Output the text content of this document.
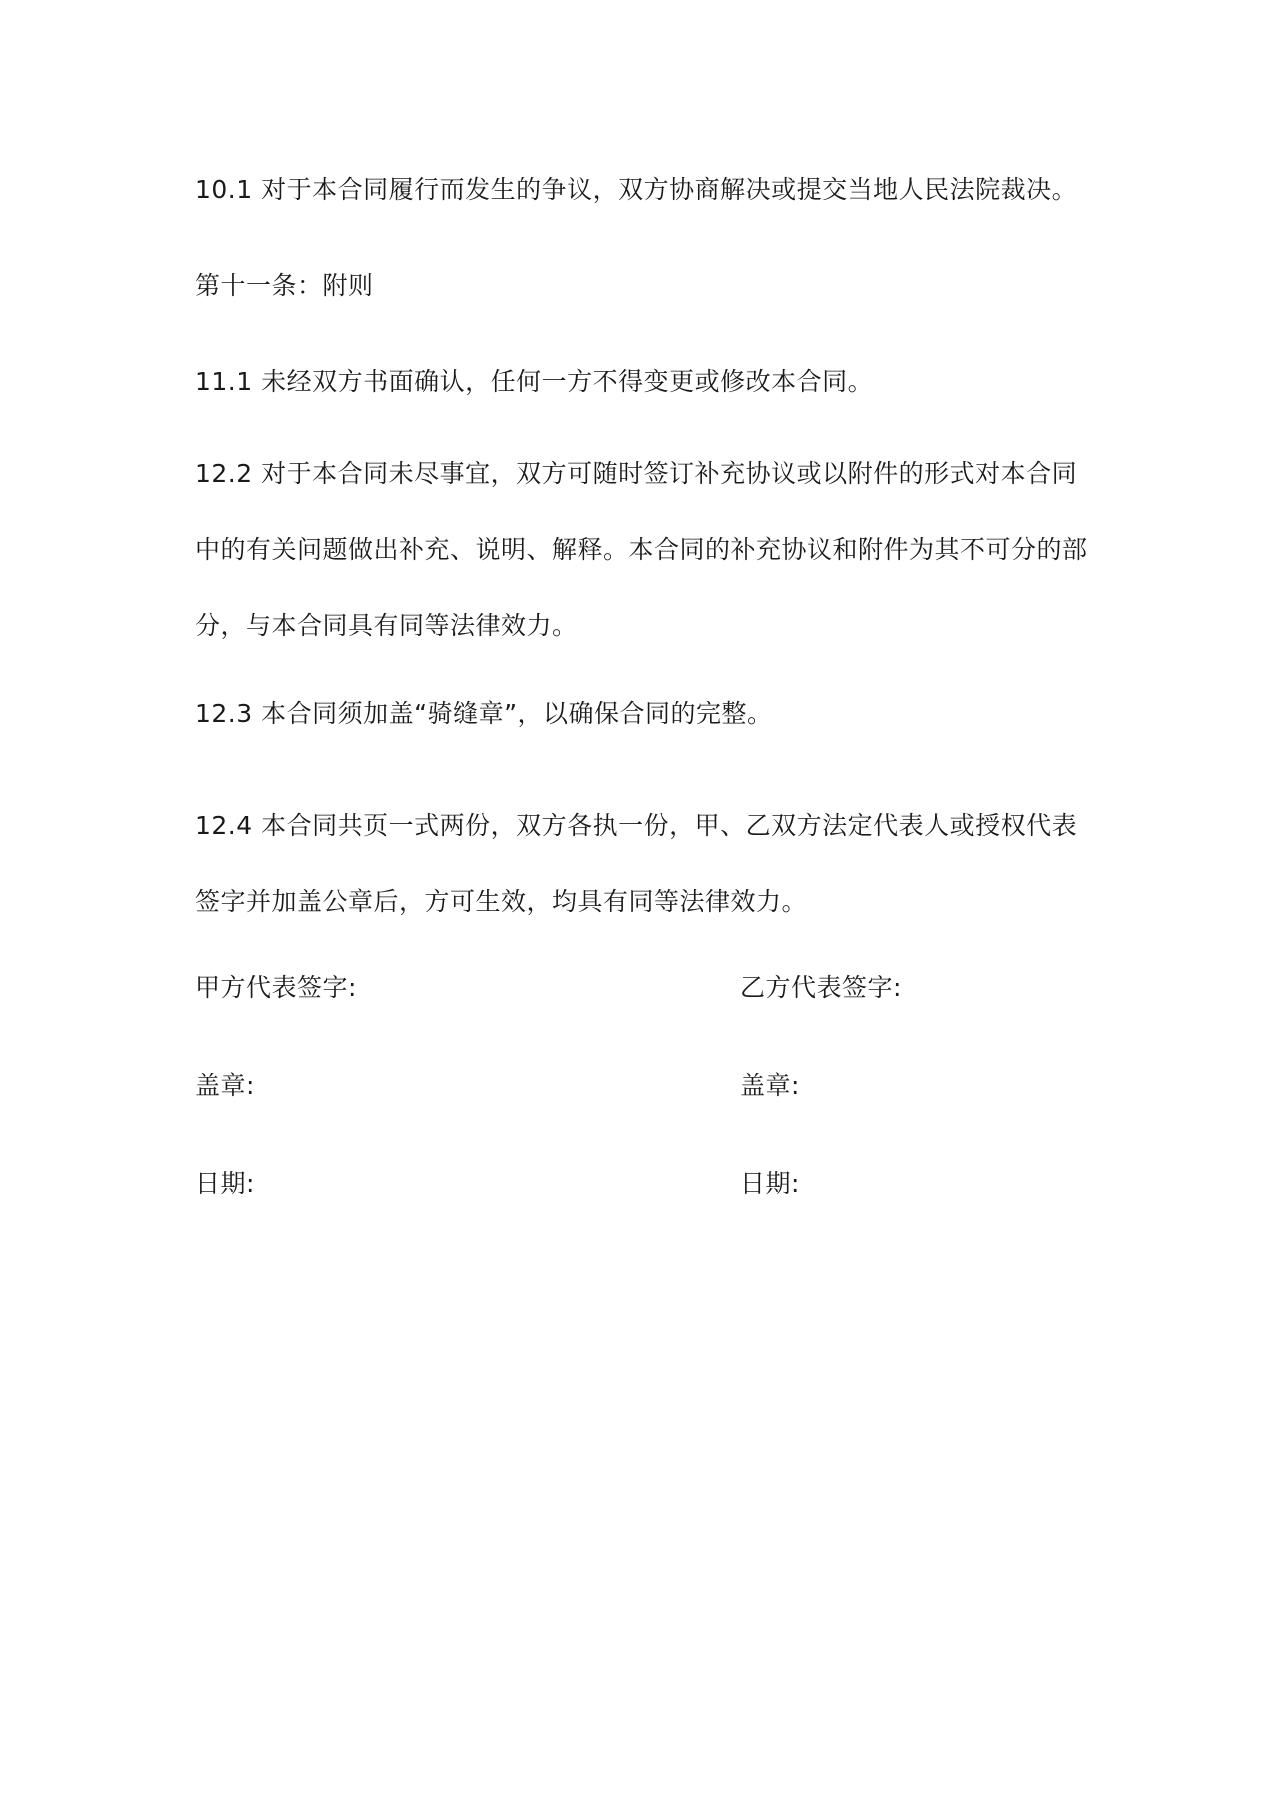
10.1 对于本合同履行而发生的争议，双方协商解决或提交当地人民法院裁决。

第十一条：附则

11.1 未经双方书面确认，任何一方不得变更或修改本合同。

12.2 对于本合同未尽事宜，双方可随时签订补充协议或以附件的形式对本合同中的有关问题做出补充、说明、解释。本合同的补充协议和附件为其不可分的部分，与本合同具有同等法律效力。

12.3 本合同须加盖“骑缝章”，以确保合同的完整。

12.4 本合同共页一式两份，双方各执一份，甲、乙双方法定代表人或授权代表签字并加盖公章后，方可生效，均具有同等法律效力。

甲方代表签字:	乙方代表签字:
盖章:	盖章:
日期:	日期:
